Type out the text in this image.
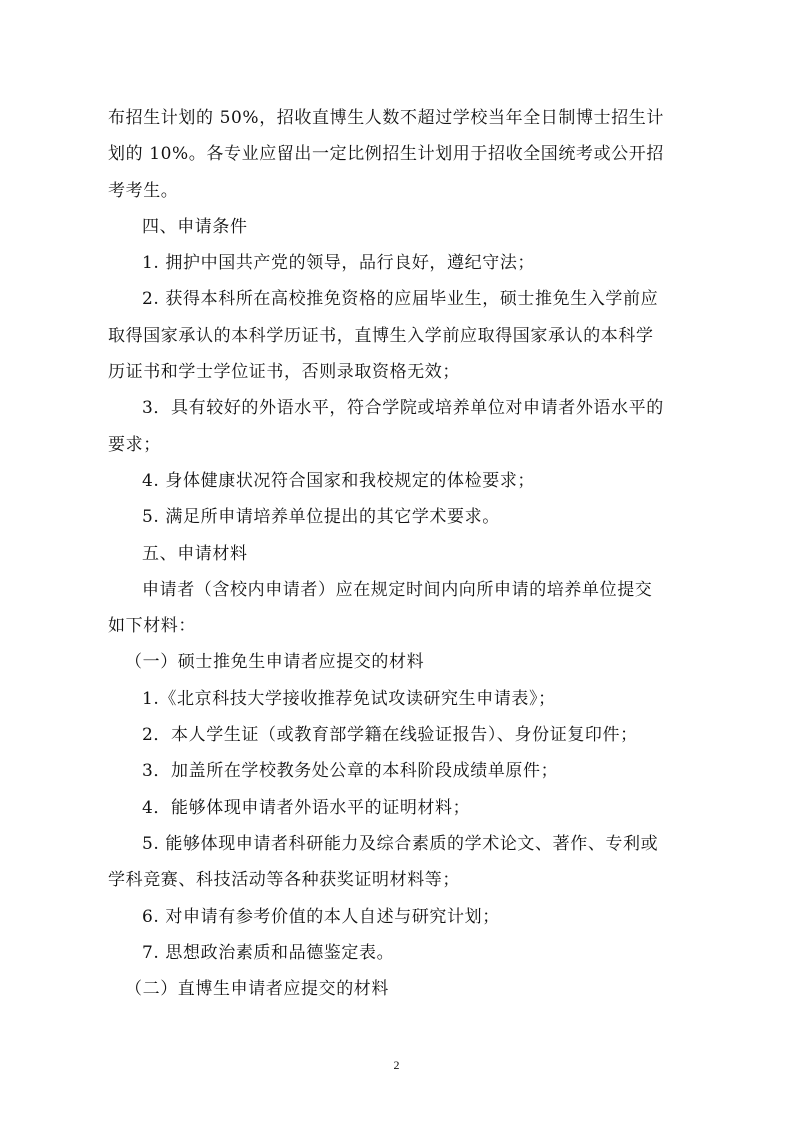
布招生计划的 50%，招收直博生人数不超过学校当年全日制博士招生计
划的 10%。各专业应留出一定比例招生计划用于招收全国统考或公开招
考考生。
四、申请条件
1. 拥护中国共产党的领导，品行良好，遵纪守法；
2. 获得本科所在高校推免资格的应届毕业生，硕士推免生入学前应
取得国家承认的本科学历证书，直博生入学前应取得国家承认的本科学
历证书和学士学位证书，否则录取资格无效；
3．具有较好的外语水平，符合学院或培养单位对申请者外语水平的
要求；
4. 身体健康状况符合国家和我校规定的体检要求；
5. 满足所申请培养单位提出的其它学术要求。
五、申请材料
申请者（含校内申请者）应在规定时间内向所申请的培养单位提交
如下材料：
（一）硕士推免生申请者应提交的材料
1.《北京科技大学接收推荐免试攻读研究生申请表》；
2．本人学生证（或教育部学籍在线验证报告）、身份证复印件；
3．加盖所在学校教务处公章的本科阶段成绩单原件；
4．能够体现申请者外语水平的证明材料；
5. 能够体现申请者科研能力及综合素质的学术论文、著作、专利或
学科竞赛、科技活动等各种获奖证明材料等；
6. 对申请有参考价值的本人自述与研究计划；
7. 思想政治素质和品德鉴定表。
（二）直博生申请者应提交的材料
2
